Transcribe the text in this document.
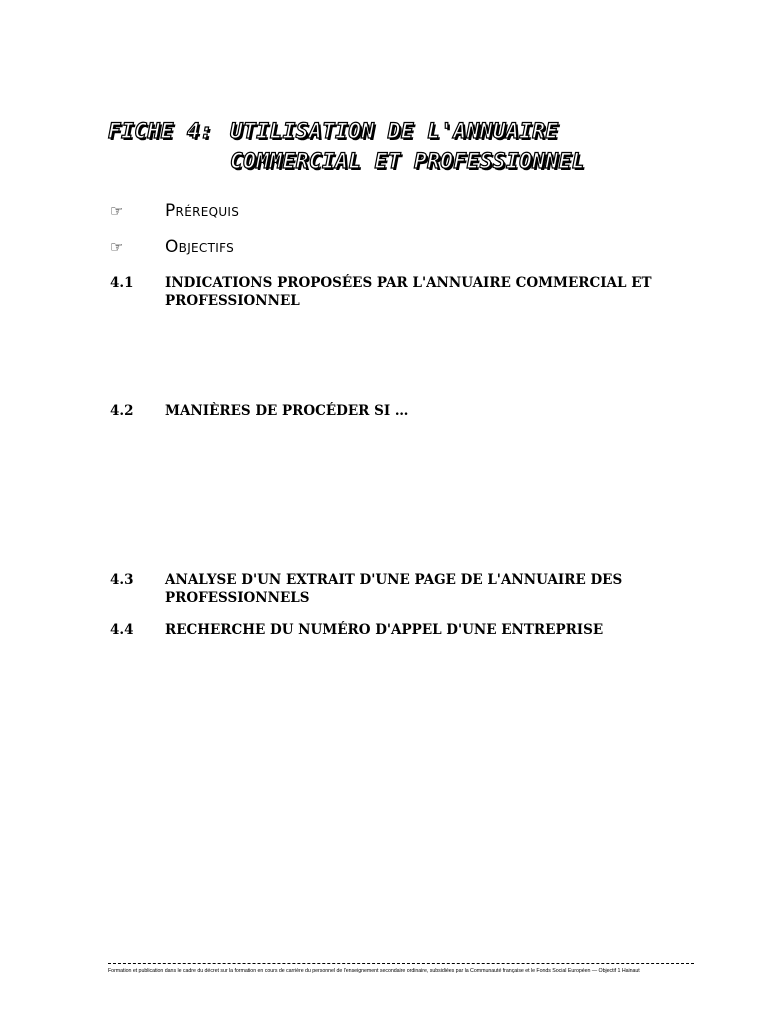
FICHE 4: UTILISATION DE L'ANNUAIRE
COMMERCIAL ET PROFESSIONNEL
☞	Prérequis
☞	Objectifs
4.1	INDICATIONS PROPOSÉES PAR L'ANNUAIRE COMMERCIAL ET PROFESSIONNEL
4.2	MANIÈRES DE PROCÉDER SI …
4.3	ANALYSE D'UN EXTRAIT D'UNE PAGE DE L'ANNUAIRE DES PROFESSIONNELS
4.4	RECHERCHE DU NUMÉRO D'APPEL D'UNE ENTREPRISE
Formation et publication dans le cadre du décret sur la formation en cours de carrière du personnel de l'enseignement secondaire ordinaire, subsidiées par la Communauté française et le Fonds Social Européen — Objectif 1 Hainaut
